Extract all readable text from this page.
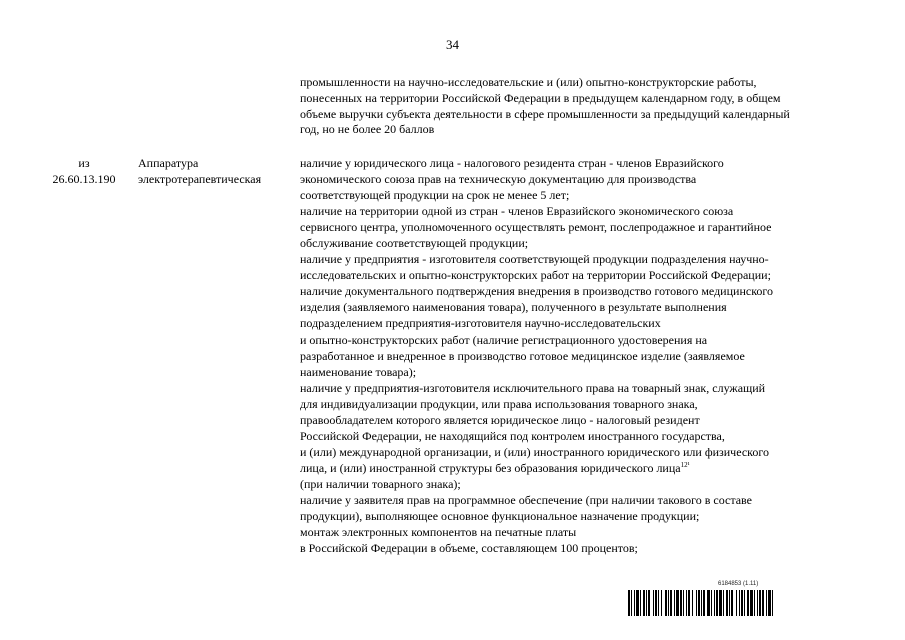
34
промышленности на научно-исследовательские и (или) опытно-конструкторские работы,
понесенных на территории Российской Федерации в предыдущем календарном году, в общем
объеме выручки субъекта деятельности в сфере промышленности за предыдущий календарный
год, но не более 20 баллов
из
26.60.13.190
Аппаратура
электротерапевтическая
наличие у юридического лица - налогового резидента стран - членов Евразийского
экономического союза прав на техническую документацию для производства
соответствующей продукции на срок не менее 5 лет;
наличие на территории одной из стран - членов Евразийского экономического союза
сервисного центра, уполномоченного осуществлять ремонт, послепродажное и гарантийное
обслуживание соответствующей продукции;
наличие у предприятия - изготовителя соответствующей продукции подразделения научно-
исследовательских и опытно-конструкторских работ на территории Российской Федерации;
наличие документального подтверждения внедрения в производство готового медицинского
изделия (заявляемого наименования товара), полученного в результате выполнения
подразделением предприятия-изготовителя научно-исследовательских
и опытно-конструкторских работ (наличие регистрационного удостоверения на
разработанное и внедренное в производство готовое медицинское изделие (заявляемое
наименование товара);
наличие у предприятия-изготовителя исключительного права на товарный знак, служащий
для индивидуализации продукции, или права использования товарного знака,
правообладателем которого является юридическое лицо - налоговый резидент
Российской Федерации, не находящийся под контролем иностранного государства,
и (или) международной организации, и (или) иностранного юридического или физического
лица, и (или) иностранной структуры без образования юридического лица$^{12^1}$
(при наличии товарного знака);
наличие у заявителя прав на программное обеспечение (при наличии такового в составе
продукции), выполняющее основное функциональное назначение продукции;
монтаж электронных компонентов на печатные платы
в Российской Федерации в объеме, составляющем 100 процентов;
6184853 (1.11)
